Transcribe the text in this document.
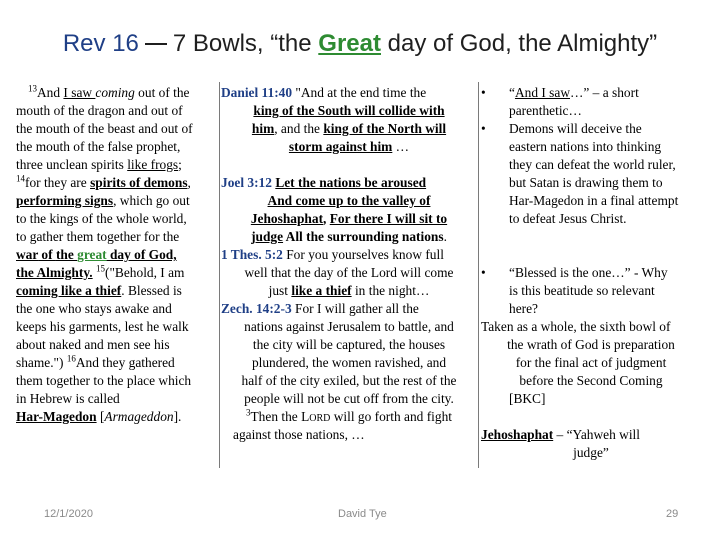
Rev 16 7 Bowls, “the Great day of God, the Almighty”
$^{13}$And I saw coming out of the
mouth of the dragon and out of
the mouth of the beast and out of
the mouth of the false prophet,
three unclean spirits like frogs;
$^{14}$for they are spirits of demons,
performing signs, which go out
to the kings of the whole world,
to gather them together for the
war of the great day of God,
the Almighty. $^{15}$("Behold, I am
coming like a thief. Blessed is
the one who stays awake and
keeps his garments, lest he walk
about naked and men see his
shame.") $^{16}$And they gathered
them together to the place which
in Hebrew is called
Har-Magedon [Armageddon].
Daniel 11:40 "And at the end time the
king of the South will collide with
him, and the king of the North will
storm against him …

Joel 3:12 Let the nations be aroused
And come up to the valley of
Jehoshaphat, For there I will sit to
judge All the surrounding nations.
1 Thes. 5:2 For you yourselves know full
well that the day of the Lord will come
just like a thief in the night…
Zech. 14:2-3 For I will gather all the
nations against Jerusalem to battle, and
the city will be captured, the houses
plundered, the women ravished, and
half of the city exiled, but the rest of the
people will not be cut off from the city.
$^3$Then the LORD will go forth and fight
against those nations, …
• “And I saw…” – a short
parenthetic…
• Demons will deceive the
eastern nations into thinking
they can defeat the world ruler,
but Satan is drawing them to
Har-Magedon in a final attempt
to defeat Jesus Christ.

• “Blessed is the one…” - Why
is this beatitude so relevant
here?
Taken as a whole, the sixth bowl of
the wrath of God is preparation
for the final act of judgment
before the Second Coming
[BKC]

Jehoshaphat – “Yahweh will
judge”
12/1/2020	David Tye	29
